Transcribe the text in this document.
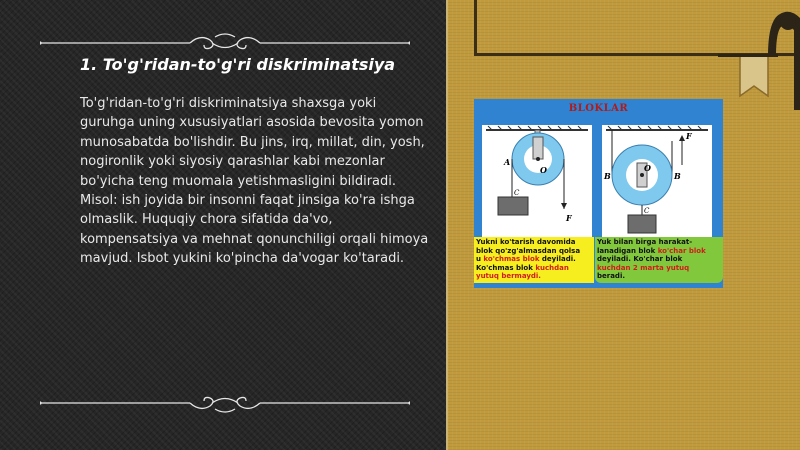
1. To'g'ridan-to'g'ri diskriminatsiya

To'g'ridan-to'g'ri diskriminatsiya shaxsga yoki guruhga uning xususiyatlari asosida bevosita yomon munosabatda bo'lishdir. Bu jins, irq, millat, din, yosh, nogironlik yoki siyosiy qarashlar kabi mezonlar bo'yicha teng muomala yetishmasligini bildiradi. Misol: ish joyida bir insonni faqat jinsiga ko'ra ishga olmaslik. Huquqiy chora sifatida da'vo, kompensatsiya va mehnat qonunchiligi orqali himoya mavjud. Isbot yukini ko'pincha da'vogar ko'taradi.

BLOKLAR

A
O
C
F
B	B
O
C
F

Yukni ko'tarish davomida
blok qo'zg'almasdan qolsa
u ko'chmas blok deyiladi.
Ko'chmas blok kuchdan
yutuq bermaydi.

Yuk bilan birga harakat-
lanadigan blok ko'char blok
deyiladi. Ko'char blok
kuchdan 2 marta yutuq
beradi.
